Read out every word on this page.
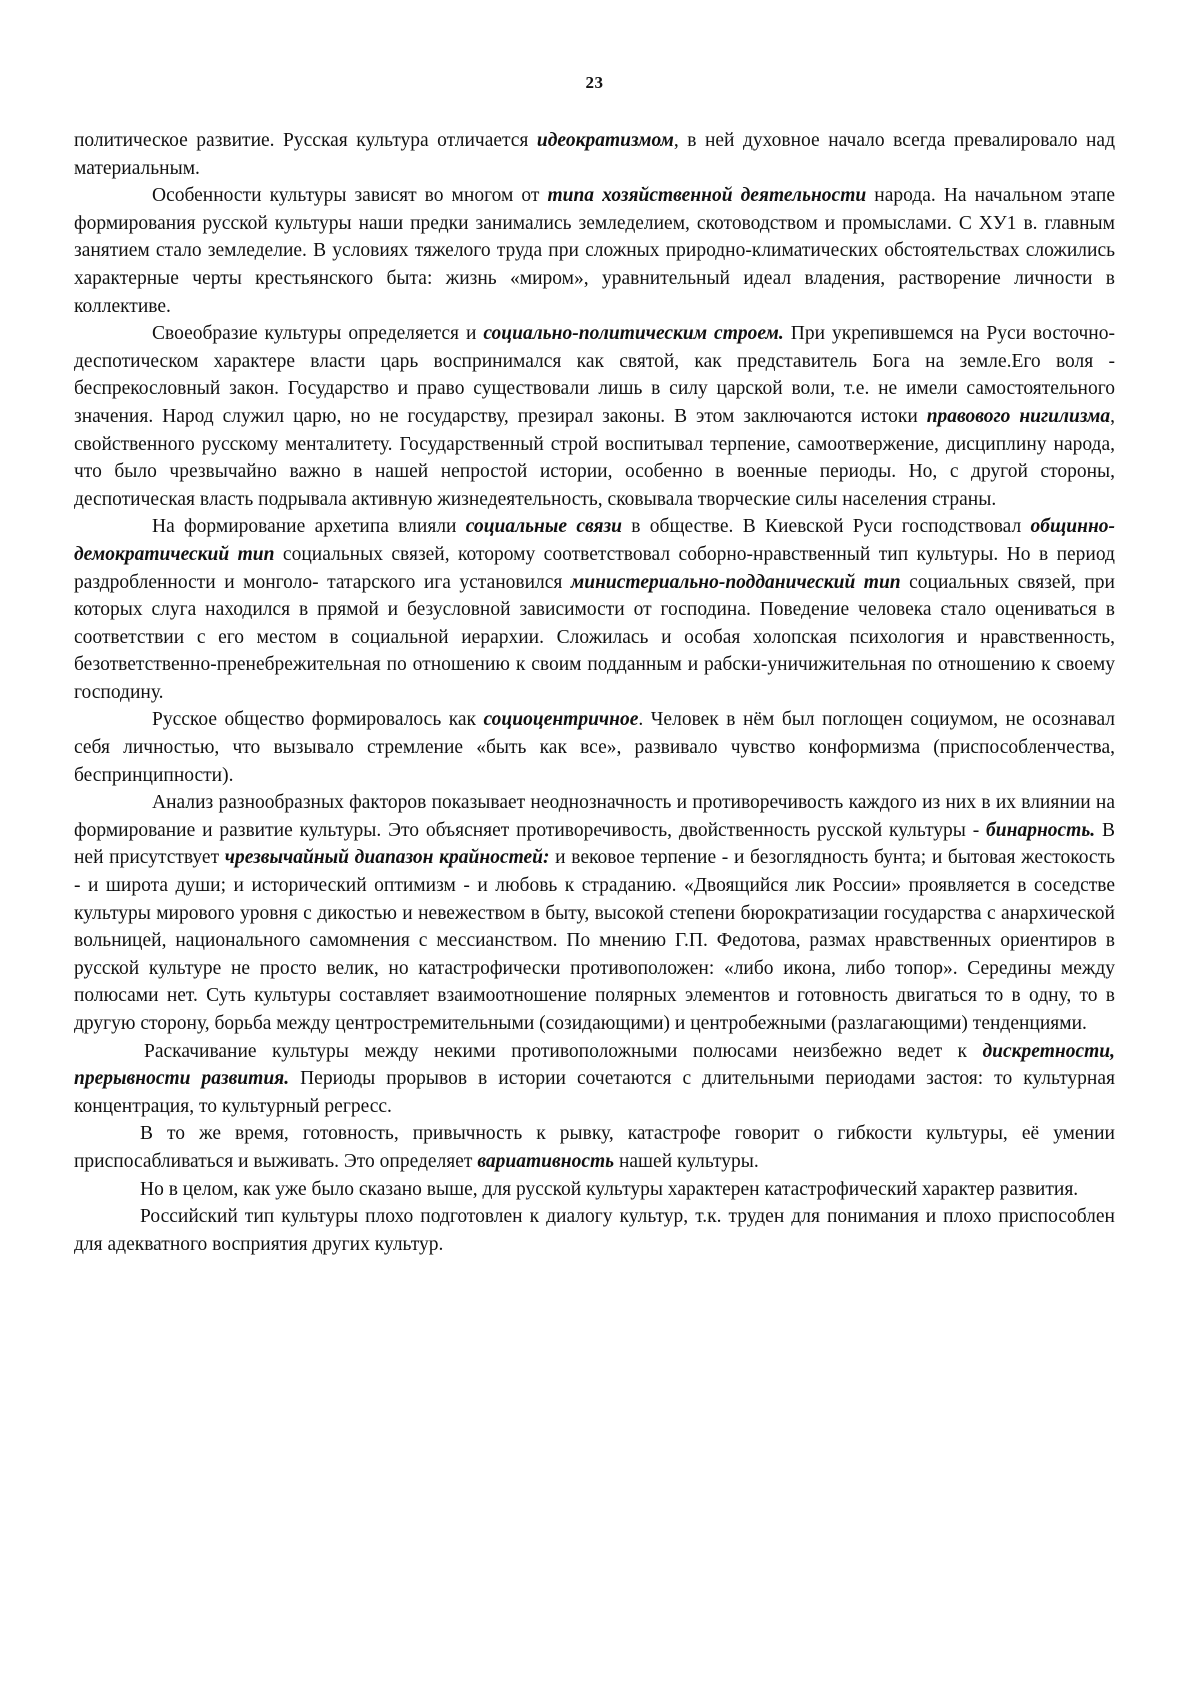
23

политическое развитие. Русская культура отличается идеократизмом, в ней духовное начало всегда превалировало над материальным.

Особенности культуры зависят во многом от типа хозяйственной деятельности народа. На начальном этапе формирования русской культуры наши предки занимались земледелием, скотоводством и промыслами. С ХУ1 в. главным занятием стало земледелие. В условиях тяжелого труда при сложных природно-климатических обстоятельствах сложились характерные черты крестьянского быта: жизнь «миром», уравнительный идеал владения, растворение личности в коллективе.

Своеобразие культуры определяется и социально-политическим строем. При укрепившемся на Руси восточно-деспотическом характере власти царь воспринимался как святой, как представитель Бога на земле.Его воля - беспрекословный закон. Государство и право существовали лишь в силу царской воли, т.е. не имели самостоятельного значения. Народ служил царю, но не государству, презирал законы. В этом заключаются истоки правового нигилизма, свойственного русскому менталитету. Государственный строй воспитывал терпение, самоотвержение, дисциплину народа, что было чрезвычайно важно в нашей непростой истории, особенно в военные периоды. Но, с другой стороны, деспотическая власть подрывала активную жизнедеятельность, сковывала творческие силы населения страны.

На формирование архетипа влияли социальные связи в обществе. В Киевской Руси господствовал общинно-демократический тип социальных связей, которому соответствовал соборно-нравственный тип культуры. Но в период раздробленности и монголо- татарского ига установился министериально-подданический тип социальных связей, при которых слуга находился в прямой и безусловной зависимости от господина. Поведение человека стало оцениваться в соответствии с его местом в социальной иерархии. Сложилась и особая холопская психология и нравственность, безответственно-пренебрежительная по отношению к своим подданным и рабски-уничижительная по отношению к своему господину.

Русское общество формировалось как социоцентричное. Человек в нём был поглощен социумом, не осознавал себя личностью, что вызывало стремление «быть как все», развивало чувство конформизма (приспособленчества, беспринципности).

Анализ разнообразных факторов показывает неоднозначность и противоречивость каждого из них в их влиянии на формирование и развитие культуры. Это объясняет противоречивость, двойственность русской культуры - бинарность. В ней присутствует чрезвычайный диапазон крайностей: и вековое терпение - и безоглядность бунта; и бытовая жестокость - и широта души; и исторический оптимизм - и любовь к страданию. «Двоящийся лик России» проявляется в соседстве культуры мирового уровня с дикостью и невежеством в быту, высокой степени бюрократизации государства с анархической вольницей, национального самомнения с мессианством. По мнению Г.П. Федотова, размах нравственных ориентиров в русской культуре не просто велик, но катастрофически противоположен: «либо икона, либо топор». Середины между полюсами нет. Суть культуры составляет взаимоотношение полярных элементов и готовность двигаться то в одну, то в другую сторону, борьба между центростремительными (созидающими) и центробежными (разлагающими) тенденциями.

Раскачивание культуры между некими противоположными полюсами неизбежно ведет к дискретности, прерывности развития. Периоды прорывов в истории сочетаются с длительными периодами застоя: то культурная концентрация, то культурный регресс.

В то же время, готовность, привычность к рывку, катастрофе говорит о гибкости культуры, её умении приспосабливаться и выживать. Это определяет вариативность нашей культуры.

Но в целом, как уже было сказано выше, для русской культуры характерен катастрофический характер развития.

Российский тип культуры плохо подготовлен к диалогу культур, т.к. труден для понимания и плохо приспособлен для адекватного восприятия других культур.
